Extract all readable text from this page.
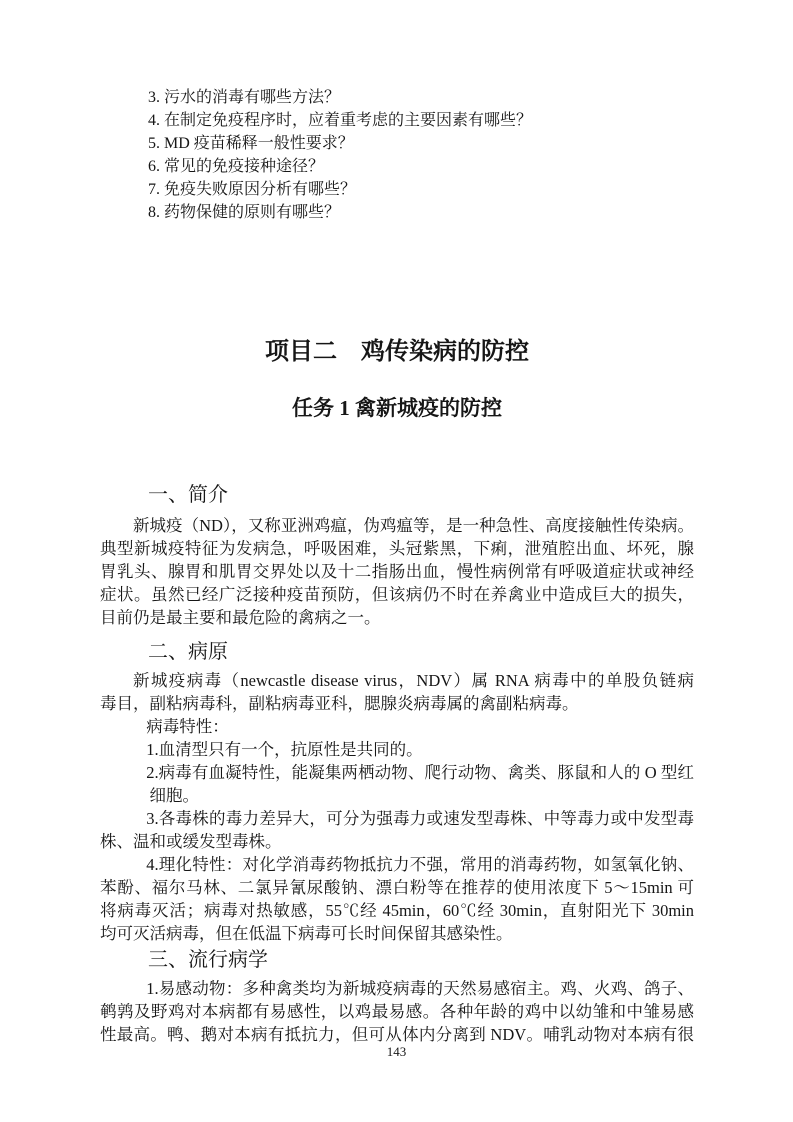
3. 污水的消毒有哪些方法？
4. 在制定免疫程序时，应着重考虑的主要因素有哪些？
5. MD 疫苗稀释一般性要求？
6. 常见的免疫接种途径？
7. 免疫失败原因分析有哪些？
8. 药物保健的原则有哪些？
项目二　鸡传染病的防控
任务 1 禽新城疫的防控
一、简介
新城疫（ND），又称亚洲鸡瘟，伪鸡瘟等，是一种急性、高度接触性传染病。
典型新城疫特征为发病急，呼吸困难，头冠紫黑，下痢，泄殖腔出血、坏死，腺
胃乳头、腺胃和肌胃交界处以及十二指肠出血，慢性病例常有呼吸道症状或神经
症状。虽然已经广泛接种疫苗预防，但该病仍不时在养禽业中造成巨大的损失，
目前仍是最主要和最危险的禽病之一。
二、病原
新城疫病毒（newcastle disease virus，NDV）属 RNA 病毒中的单股负链病
毒目，副粘病毒科，副粘病毒亚科，腮腺炎病毒属的禽副粘病毒。
病毒特性：
1.血清型只有一个，抗原性是共同的。
2.病毒有血凝特性，能凝集两栖动物、爬行动物、禽类、豚鼠和人的 O 型红
细胞。
3.各毒株的毒力差异大，可分为强毒力或速发型毒株、中等毒力或中发型毒
株、温和或缓发型毒株。
4.理化特性：对化学消毒药物抵抗力不强，常用的消毒药物，如氢氧化钠、
苯酚、福尔马林、二氯异氰尿酸钠、漂白粉等在推荐的使用浓度下 5～15min 可
将病毒灭活；病毒对热敏感，55℃经 45min，60℃经 30min，直射阳光下 30min
均可灭活病毒，但在低温下病毒可长时间保留其感染性。
三、流行病学
1.易感动物：多种禽类均为新城疫病毒的天然易感宿主。鸡、火鸡、鸽子、
鹌鹑及野鸡对本病都有易感性，以鸡最易感。各种年龄的鸡中以幼雏和中雏易感
性最高。鸭、鹅对本病有抵抗力，但可从体内分离到 NDV。哺乳动物对本病有很
143
